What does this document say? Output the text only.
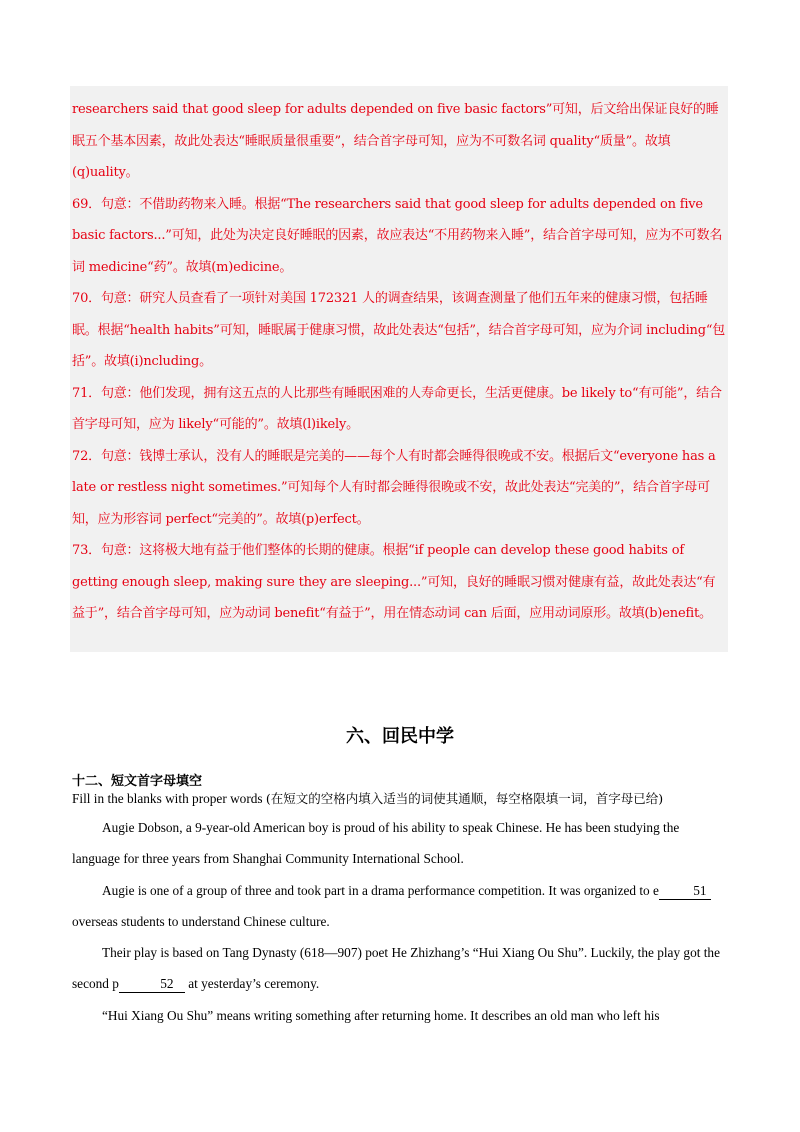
researchers said that good sleep for adults depended on five basic factors”可知，后文给出保证良好的睡眠五个基本因素，故此处表达“睡眠质量很重要”，结合首字母可知，应为不可数名词 quality“质量”。故填(q)uality。

69．句意：不借助药物来入睡。根据“The researchers said that good sleep for adults depended on five basic factors...”可知，此处为决定良好睡眠的因素，故应表达“不用药物来入睡”，结合首字母可知，应为不可数名词 medicine“药”。故填(m)edicine。

70．句意：研究人员查看了一项针对美国 172321 人的调查结果，该调查测量了他们五年来的健康习惯，包括睡眠。根据“health habits”可知，睡眠属于健康习惯，故此处表达“包括”，结合首字母可知，应为介词 including“包括”。故填(i)ncluding。

71．句意：他们发现，拥有这五点的人比那些有睡眠困难的人寿命更长，生活更健康。be likely to“有可能”，结合首字母可知，应为 likely“可能的”。故填(l)ikely。

72．句意：钱博士承认，没有人的睡眠是完美的——每个人有时都会睡得很晚或不安。根据后文“everyone has a late or restless night sometimes.”可知每个人有时都会睡得很晚或不安，故此处表达“完美的”，结合首字母可知，应为形容词 perfect“完美的”。故填(p)erfect。

73．句意：这将极大地有益于他们整体的长期的健康。根据“if people can develop these good habits of getting enough sleep, making sure they are sleeping...”可知，良好的睡眠习惯对健康有益，故此处表达“有益于”，结合首字母可知，应为动词 benefit“有益于”，用在情态动词 can 后面，应用动词原形。故填(b)enefit。

六、回民中学
十二、短文首字母填空

Fill in the blanks with proper words (在短文的空格内填入适当的词使其通顺，每空格限填一词，首字母已给)

Augie Dobson, a 9-year-old American boy is proud of his ability to speak Chinese. He has been studying the language for three years from Shanghai Community International School.

Augie is one of a group of three and took part in a drama performance competition. It was organized to e	51 overseas students to understand Chinese culture.

Their play is based on Tang Dynasty (618—907) poet He Zhizhang’s “Hui Xiang Ou Shu”. Luckily, the play got the second p	52 at yesterday’s ceremony.

“Hui Xiang Ou Shu” means writing something after returning home. It describes an old man who left his
